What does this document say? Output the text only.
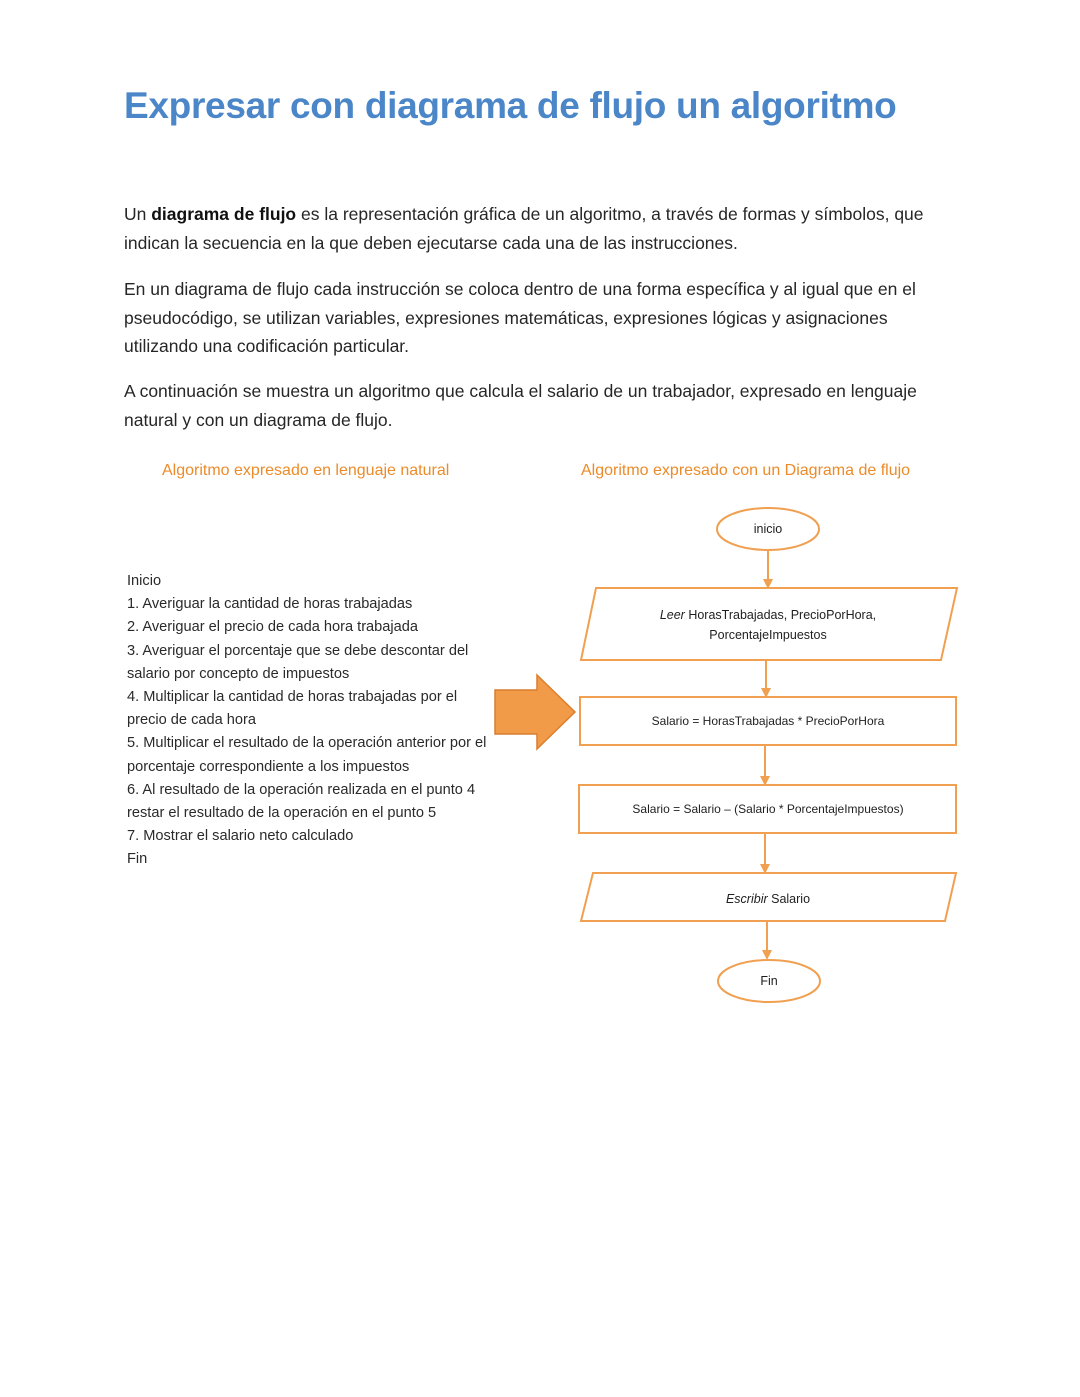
Expresar con diagrama de flujo un algoritmo

Un diagrama de flujo es la representación gráfica de un algoritmo, a través de formas y símbolos, que indican la secuencia en la que deben ejecutarse cada una de las instrucciones.

En un diagrama de flujo cada instrucción se coloca dentro de una forma específica y al igual que en el pseudocódigo, se utilizan variables, expresiones matemáticas, expresiones lógicas y asignaciones utilizando una codificación particular.

A continuación se muestra un algoritmo que calcula el salario de un trabajador, expresado en lenguaje natural y con un diagrama de flujo.

Algoritmo expresado en lenguaje natural	Algoritmo expresado con un Diagrama de flujo
Inicio
1. Averiguar la cantidad de horas trabajadas
2. Averiguar el precio de cada hora trabajada
3. Averiguar el porcentaje que se debe descontar del salario por concepto de impuestos
4. Multiplicar la cantidad de horas trabajadas por el precio de cada hora
5. Multiplicar el resultado de la operación anterior por el porcentaje correspondiente a los impuestos
6. Al resultado de la operación realizada en el punto 4 restar el resultado de la operación en el punto 5
7. Mostrar el salario neto calculado
Fin
inicio
Leer HorasTrabajadas, PrecioPorHora,
PorcentajeImpuestos
Salario = HorasTrabajadas * PrecioPorHora
Salario = Salario – (Salario * PorcentajeImpuestos)
Escribir Salario
Fin
